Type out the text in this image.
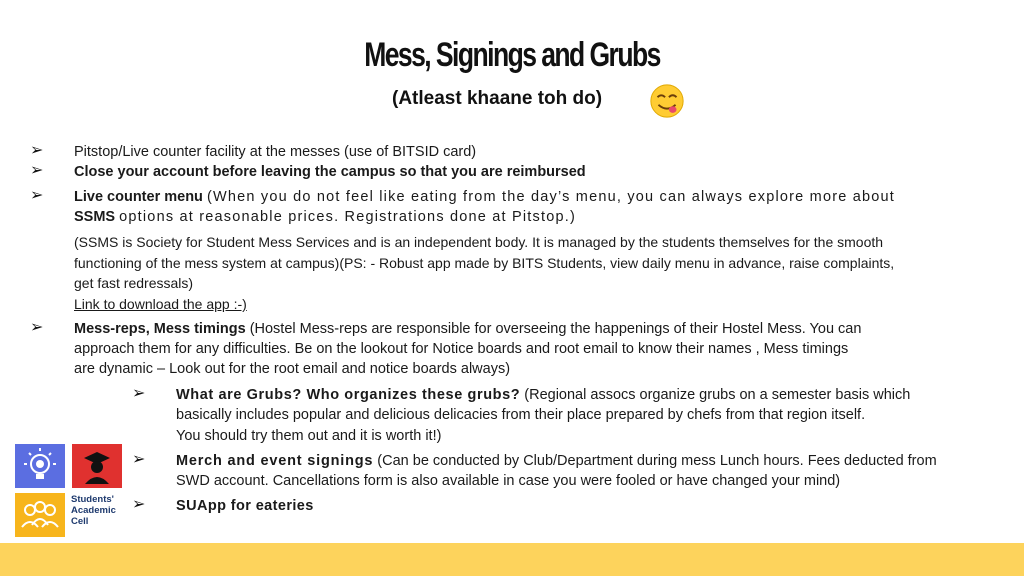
Mess, Signings and Grubs
(Atleast khaane toh do)
➢ Pitstop/Live counter facility at the messes (use of BITSID card)
➢ Close your account before leaving the campus so that you are reimbursed
➢ Live counter menu (When you do not feel like eating from the day’s menu, you can always explore more about
SSMS options at reasonable prices. Registrations done at Pitstop.)
(SSMS is Society for Student Mess Services and is an independent body. It is managed by the students themselves for the smooth
functioning of the mess system at campus)(PS: - Robust app made by BITS Students, view daily menu in advance, raise complaints,
get fast redressals)
Link to download the app :-)
➢ Mess-reps, Mess timings (Hostel Mess-reps are responsible for overseeing the happenings of their Hostel Mess. You can
approach them for any difficulties. Be on the lookout for Notice boards and root email to know their names , Mess timings
are dynamic – Look out for the root email and notice boards always)
➢ What are Grubs? Who organizes these grubs? (Regional assocs organize grubs on a semester basis which
basically includes popular and delicious delicacies from their place prepared by chefs from that region itself.
You should try them out and it is worth it!)
➢ Merch and event signings (Can be conducted by Club/Department during mess Lunch hours. Fees deducted from
SWD account. Cancellations form is also available in case you were fooled or have changed your mind)
➢ SUApp for eateries
Students'
Academic
Cell
